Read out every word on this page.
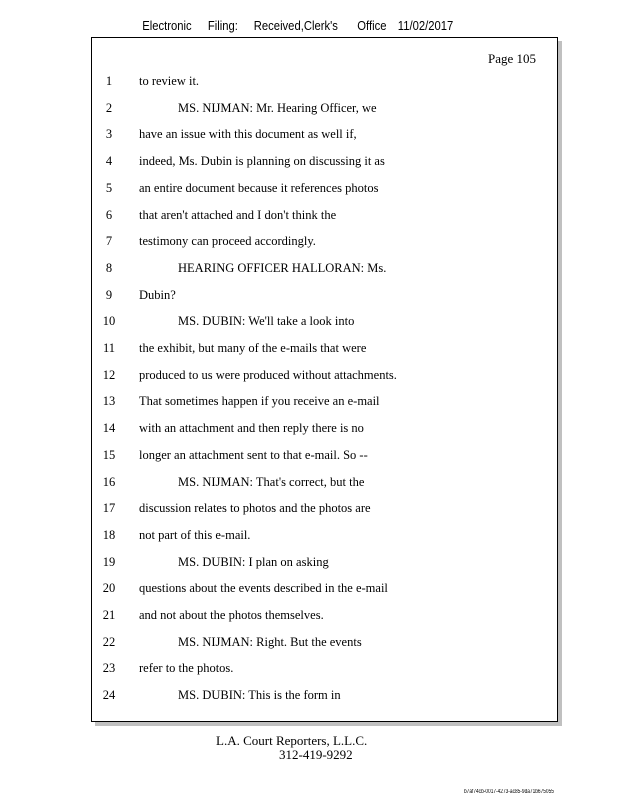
Electronic Filing: Received,Clerk's Office 11/02/2017
Page 105
1	to review it.
2	MS. NIJMAN: Mr. Hearing Officer, we
3	have an issue with this document as well if,
4	indeed, Ms. Dubin is planning on discussing it as
5	an entire document because it references photos
6	that aren't attached and I don't think the
7	testimony can proceed accordingly.
8	HEARING OFFICER HALLORAN: Ms.
9	Dubin?
10	MS. DUBIN: We'll take a look into
11	the exhibit, but many of the e-mails that were
12	produced to us were produced without attachments.
13	That sometimes happen if you receive an e-mail
14	with an attachment and then reply there is no
15	longer an attachment sent to that e-mail. So --
16	MS. NIJMAN: That's correct, but the
17	discussion relates to photos and the photos are
18	not part of this e-mail.
19	MS. DUBIN: I plan on asking
20	questions about the events described in the e-mail
21	and not about the photos themselves.
22	MS. NIJMAN: Right. But the events
23	refer to the photos.
24	MS. DUBIN: This is the form in
L.A. Court Reporters, L.L.C.
312-419-9292
b7af74cb-0017-4273-ac85-9da71b675055
